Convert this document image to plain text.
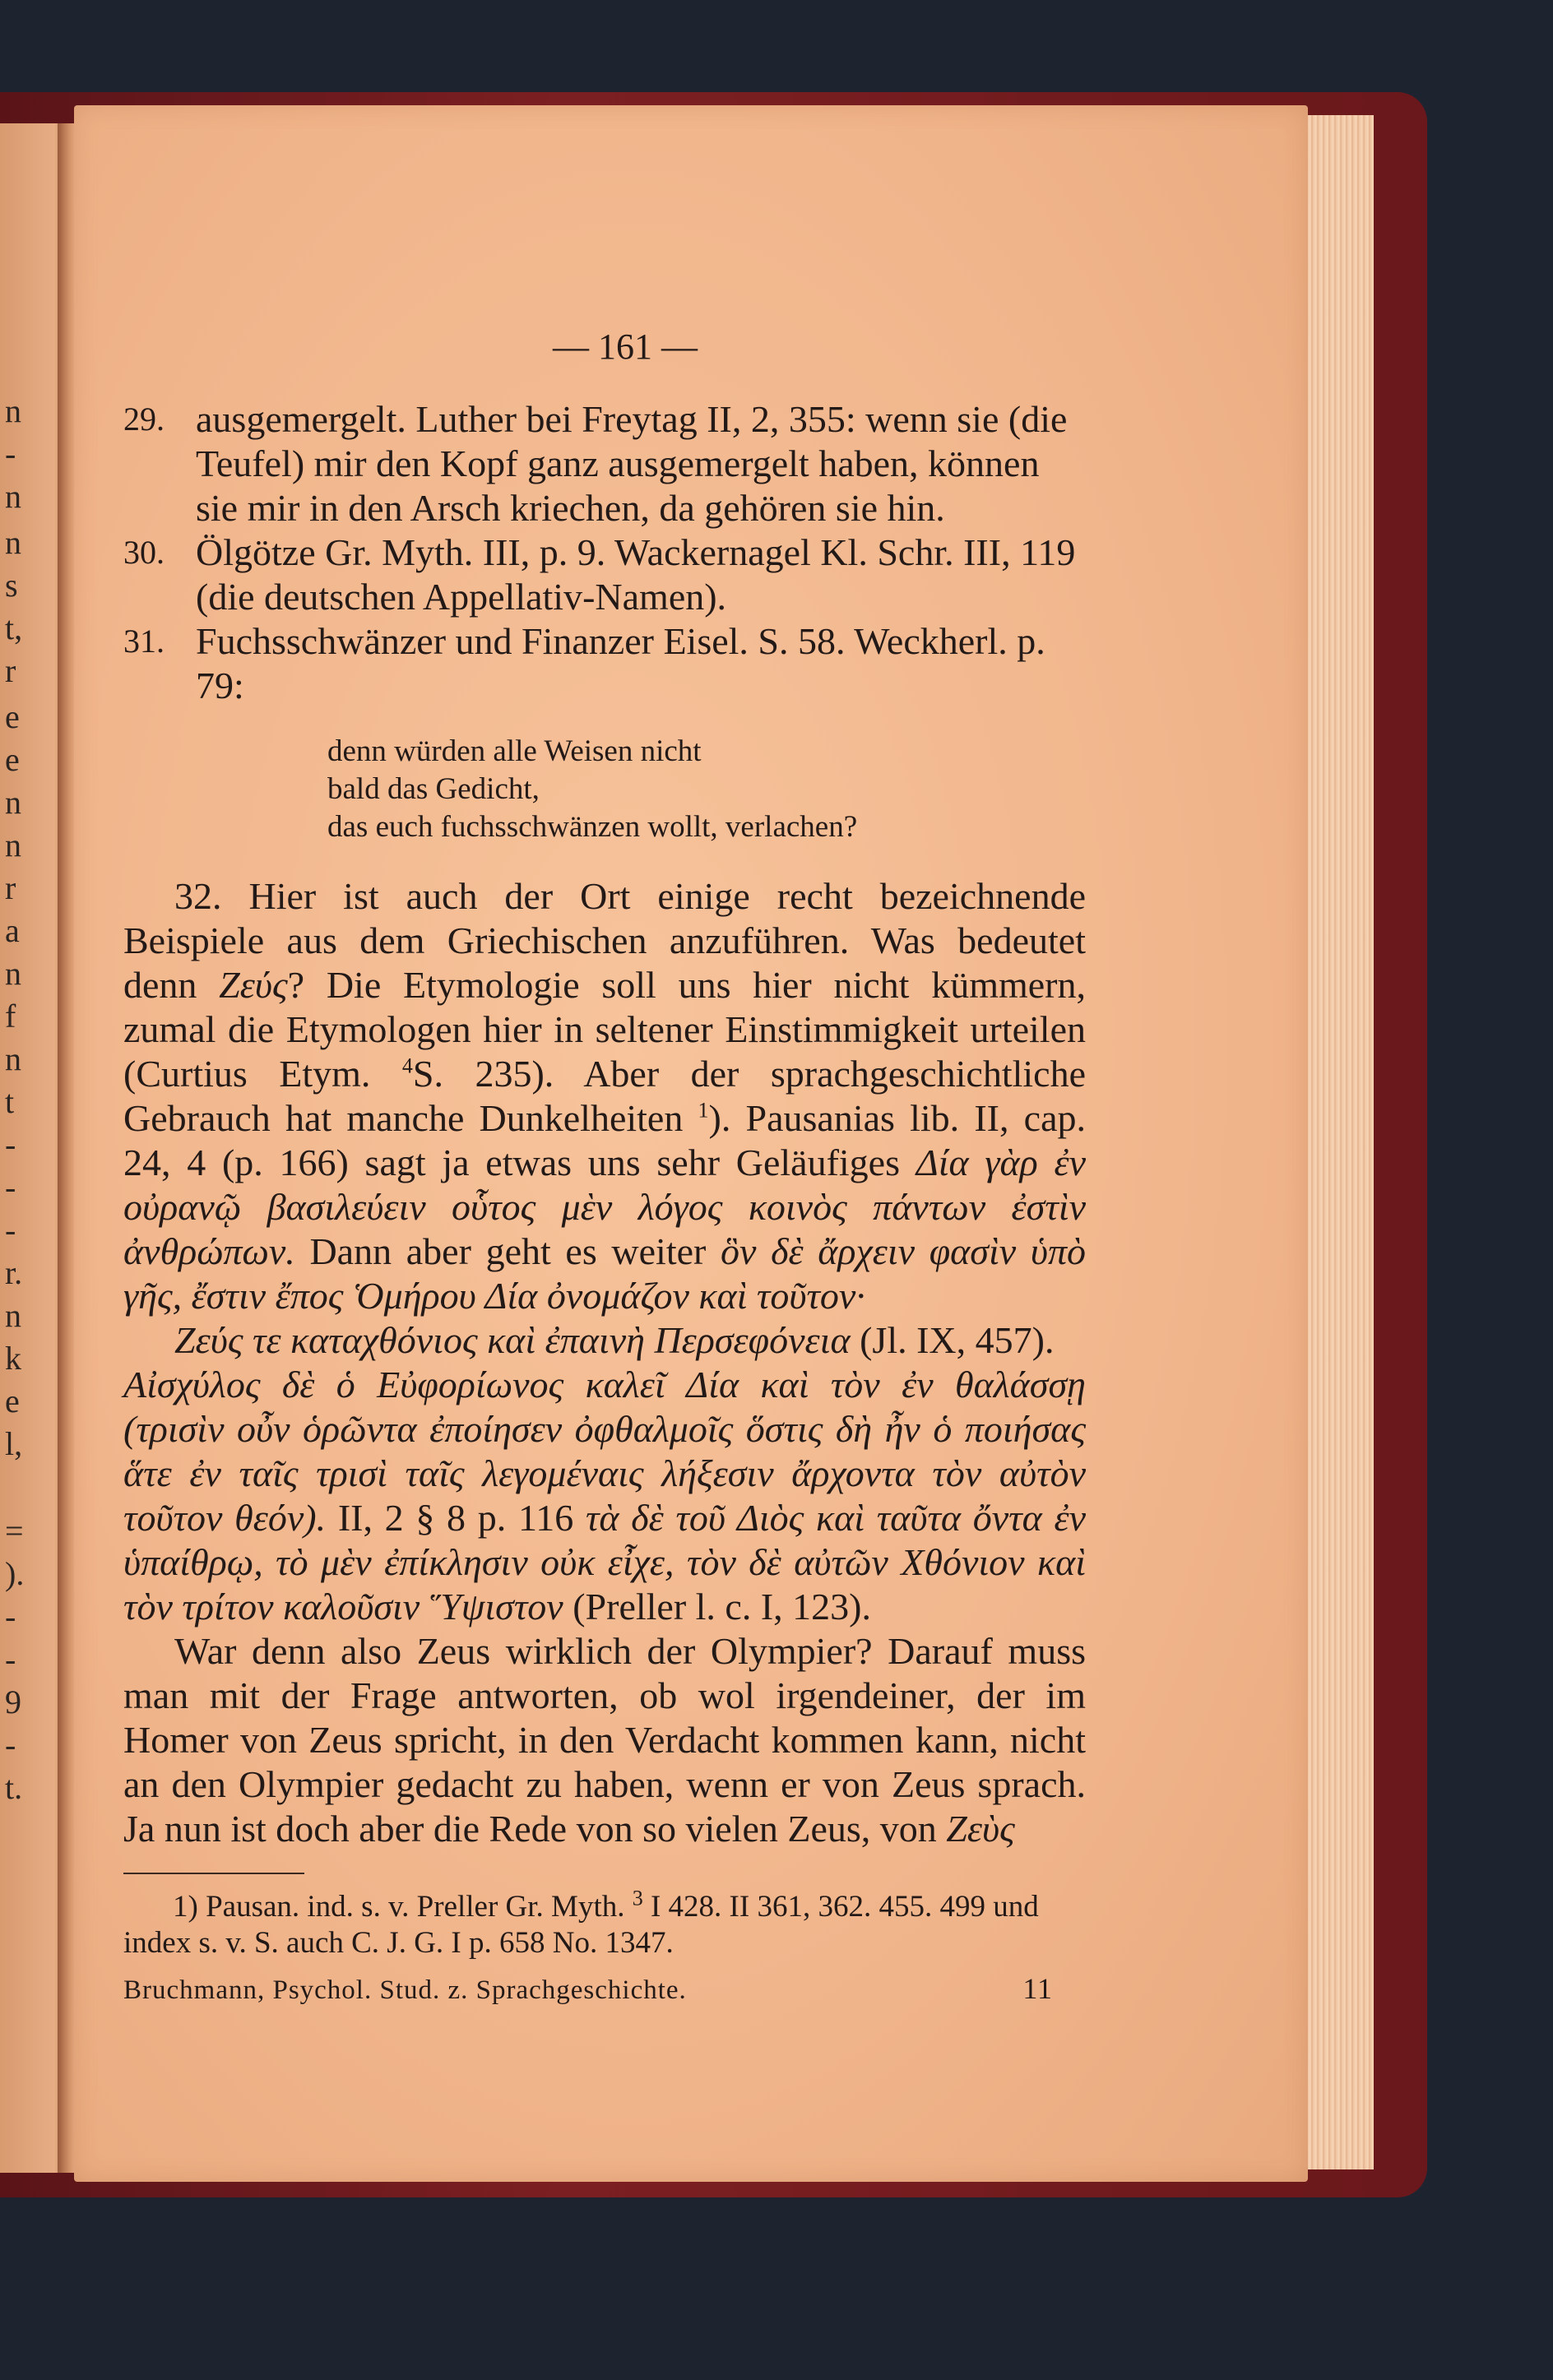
n
-
n
n
s
t,
r
e
e
n
n
r
a
n
f
n
t
-
-
-
r.
n
k
e
l,
=
).
-
-
9
-
t.
— 161 —
29. ausgemergelt. Luther bei Freytag II, 2, 355: wenn sie (die Teufel) mir den Kopf ganz ausgemergelt haben, können sie mir in den Arsch kriechen, da gehören sie hin.
30. Ölgötze Gr. Myth. III, p. 9. Wackernagel Kl. Schr. III, 119 (die deutschen Appellativ-Namen).
31. Fuchsschwänzer und Finanzer Eisel. S. 58. Weckherl. p. 79:
denn würden alle Weisen nicht
bald das Gedicht,
das euch fuchsschwänzen wollt, verlachen?
32. Hier ist auch der Ort einige recht bezeichnende Beispiele aus dem Griechischen anzuführen. Was bedeutet denn Ζεύς? Die Etymologie soll uns hier nicht kümmern, zumal die Etymologen hier in seltener Einstimmigkeit urteilen (Curtius Etym. $^4$S. 235). Aber der sprachgeschichtliche Gebrauch hat manche Dunkelheiten $^1$). Pausanias lib. II, cap. 24, 4 (p. 166) sagt ja etwas uns sehr Geläufiges Δία γὰρ ἐν οὐρανῷ βασιλεύειν οὗτος μὲν λόγος κοινὸς πάντων ἐστὶν ἀνθρώπων. Dann aber geht es weiter ὃν δὲ ἄρχειν φασὶν ὑπὸ γῆς, ἔστιν ἔπος Ὁμήρου Δία ὀνομάζον καὶ τοῦτον·
Ζεύς τε καταχθόνιος καὶ ἐπαινὴ Περσεφόνεια (Jl. IX, 457).
Αἰσχύλος δὲ ὁ Εὐφορίωνος καλεῖ Δία καὶ τὸν ἐν θαλάσσῃ (τρισὶν οὖν ὁρῶντα ἐποίησεν ὀφθαλμοῖς ὅστις δὴ ἦν ὁ ποιήσας ἅτε ἐν ταῖς τρισὶ ταῖς λεγομέναις λήξεσιν ἄρχοντα τὸν αὐτὸν τοῦτον θεόν). II, 2 § 8 p. 116 τὰ δὲ τοῦ Διὸς καὶ ταῦτα ὄντα ἐν ὑπαίθρῳ, τὸ μὲν ἐπίκλησιν οὐκ εἶχε, τὸν δὲ αὐτῶν Χθόνιον καὶ τὸν τρίτον καλοῦσιν Ὕψιστον (Preller l. c. I, 123).
War denn also Zeus wirklich der Olympier? Darauf muss man mit der Frage antworten, ob wol irgendeiner, der im Homer von Zeus spricht, in den Verdacht kommen kann, nicht an den Olympier gedacht zu haben, wenn er von Zeus sprach. Ja nun ist doch aber die Rede von so vielen Zeus, von Ζεὺς
1) Pausan. ind. s. v. Preller Gr. Myth. $^3$ I 428. II 361, 362. 455. 499 und index s. v. S. auch C. J. G. I p. 658 No. 1347.
Bruchmann, Psychol. Stud. z. Sprachgeschichte.	11
